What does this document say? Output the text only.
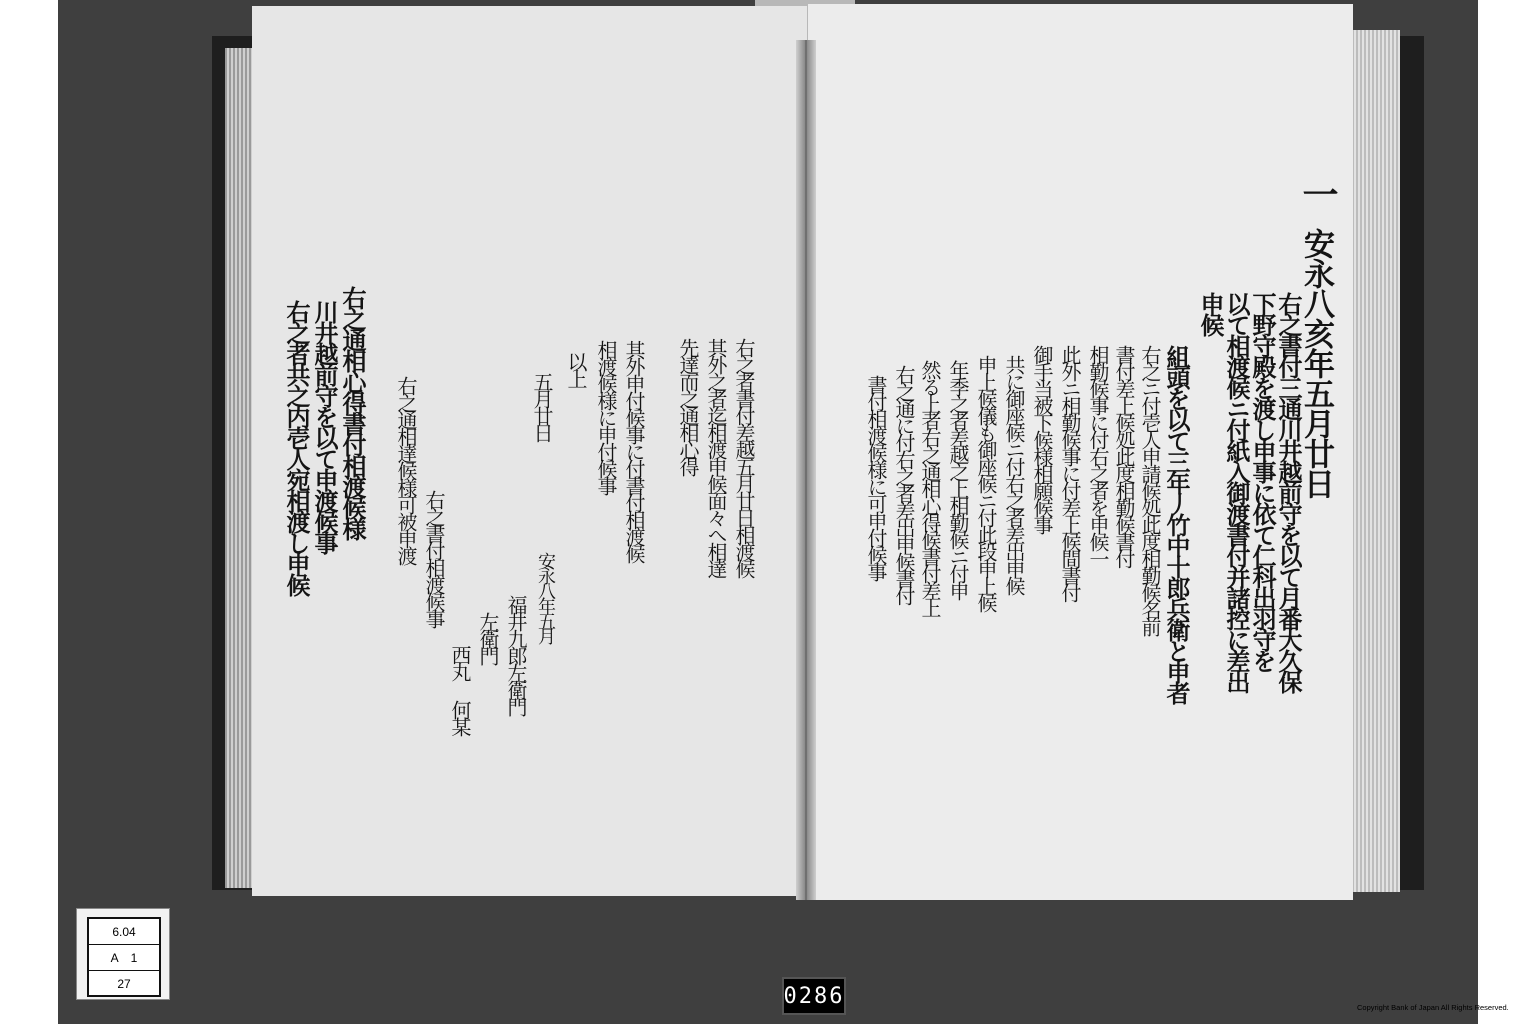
一
安永八亥年五月廿日
右之書付三通川井越前守を以て月番大久保
下野守殿を渡し申事に依て仁科出羽守を
以て相渡候ニ付紙入御渡書付并諸控に差出
申候
組頭を以て三年丿竹中十郎兵衛と申者
右之ニ付壱人申請候処此度相勤候名前
書付差上候処此度相勤候書付
相勤候事に付右之者を申候一
此外ニ相勤候事に付差上候間書付
御手当被下候様相願候事
共に御座候ニ付右之者差出申候
申上候儀も御座候ニ付此段申上候
年季之者差越之上相勤候ニ付申
然る上者右之通相心得候書付差上
右之通に付右之者差出申候書付
書付相渡候様に可申付候事
右之者書付差越五月廿日相渡候
其外之者迄相渡申候面々へ相達
先達而之通相心得
其外申付候事に付書付相渡候
相渡候様に申付候事
以上
五月廿日
安永八年五月
福井九郎左衛門
左衛門
西丸 何某
右之書付相渡候事
右之通相達候様可被申渡
右之通相心得書付相渡候様
川井越前守を以て申渡候事
右之者共之内壱人宛相渡し申候
6.04
A 1
27	0286	Copyright Bank of Japan All Rights Reserved.
